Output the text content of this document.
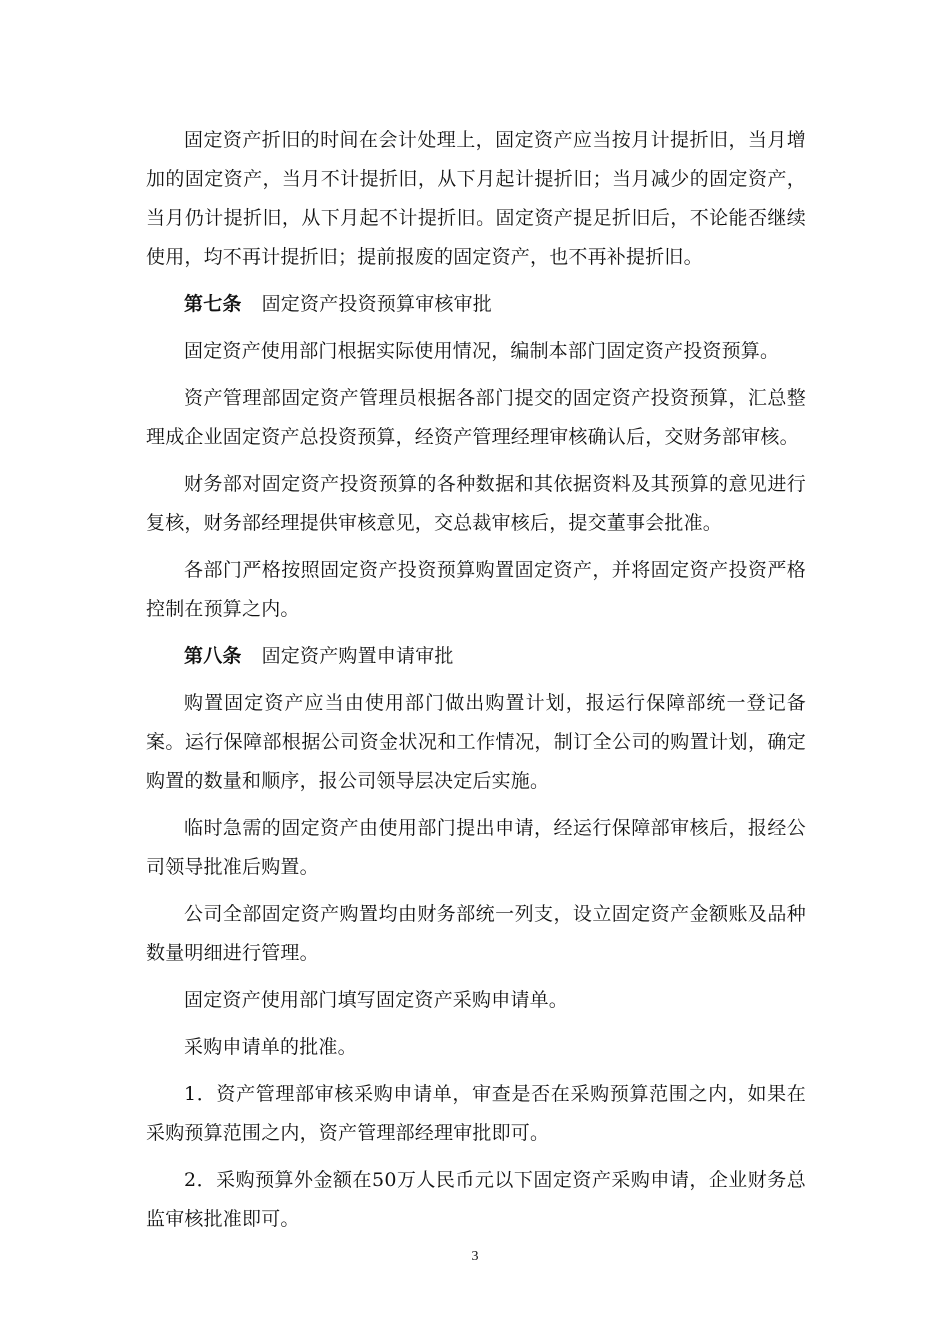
固定资产折旧的时间在会计处理上，固定资产应当按月计提折旧，当月增加的固定资产，当月不计提折旧，从下月起计提折旧；当月减少的固定资产，当月仍计提折旧，从下月起不计提折旧。固定资产提足折旧后，不论能否继续使用，均不再计提折旧；提前报废的固定资产，也不再补提折旧。

第七条 固定资产投资预算审核审批

固定资产使用部门根据实际使用情况，编制本部门固定资产投资预算。

资产管理部固定资产管理员根据各部门提交的固定资产投资预算，汇总整理成企业固定资产总投资预算，经资产管理经理审核确认后，交财务部审核。

财务部对固定资产投资预算的各种数据和其依据资料及其预算的意见进行复核，财务部经理提供审核意见，交总裁审核后，提交董事会批准。

各部门严格按照固定资产投资预算购置固定资产，并将固定资产投资严格控制在预算之内。

第八条 固定资产购置申请审批

购置固定资产应当由使用部门做出购置计划，报运行保障部统一登记备案。运行保障部根据公司资金状况和工作情况，制订全公司的购置计划，确定购置的数量和顺序，报公司领导层决定后实施。

临时急需的固定资产由使用部门提出申请，经运行保障部审核后，报经公司领导批准后购置。

公司全部固定资产购置均由财务部统一列支，设立固定资产金额账及品种数量明细进行管理。

固定资产使用部门填写固定资产采购申请单。

采购申请单的批准。

1．资产管理部审核采购申请单，审查是否在采购预算范围之内，如果在采购预算范围之内，资产管理部经理审批即可。

2．采购预算外金额在50万人民币元以下固定资产采购申请，企业财务总监审核批准即可。

3
